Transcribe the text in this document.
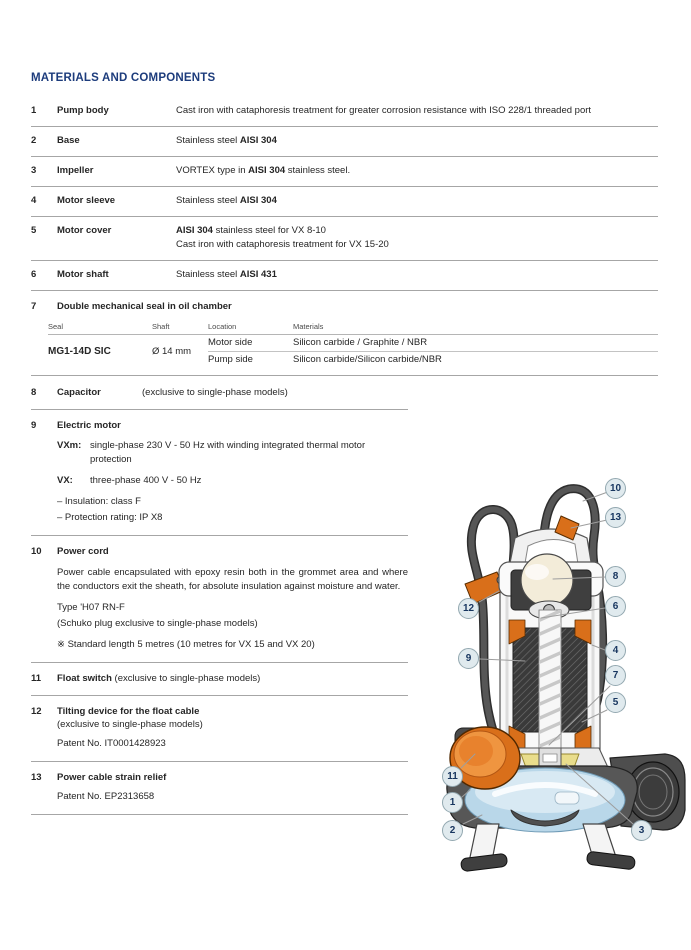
MATERIALS AND COMPONENTS
1	Pump body	Cast iron with cataphoresis treatment for greater corrosion resistance with ISO 228/1 threaded port
2	Base	Stainless steel AISI 304
3	Impeller	VORTEX type in AISI 304 stainless steel.
4	Motor sleeve	Stainless steel AISI 304
5	Motor cover	AISI 304 stainless steel for VX 8-10
Cast iron with cataphoresis treatment for VX 15-20
6	Motor shaft	Stainless steel AISI 431
7	Double mechanical seal in oil chamber
Seal	Shaft	Location	Materials
MG1-14D SIC	Ø 14 mm
Motor side	Silicon carbide / Graphite / NBR
Pump side	Silicon carbide/Silicon carbide/NBR
8	Capacitor	(exclusive to single-phase models)
9	Electric motor
VXm: single-phase 230 V - 50 Hz with winding integrated thermal motor protection
VX:	three-phase 400 V - 50 Hz
– Insulation: class F
– Protection rating: IP X8
10	Power cord
Power cable encapsulated with epoxy resin both in the grommet area and where the conductors exit the sheath, for absolute insulation against moisture and water.
Type 'H07 RN-F
(Schuko plug exclusive to single-phase models)
※ Standard length 5 metres (10 metres for VX 15 and VX 20)
11	Float switch (exclusive to single-phase models)
12	Tilting device for the float cable
(exclusive to single-phase models)
Patent No. IT0001428923
13	Power cable strain relief
Patent No. EP2313658
10
13
8
6
4
7
5
3
12
9
11
1
2
